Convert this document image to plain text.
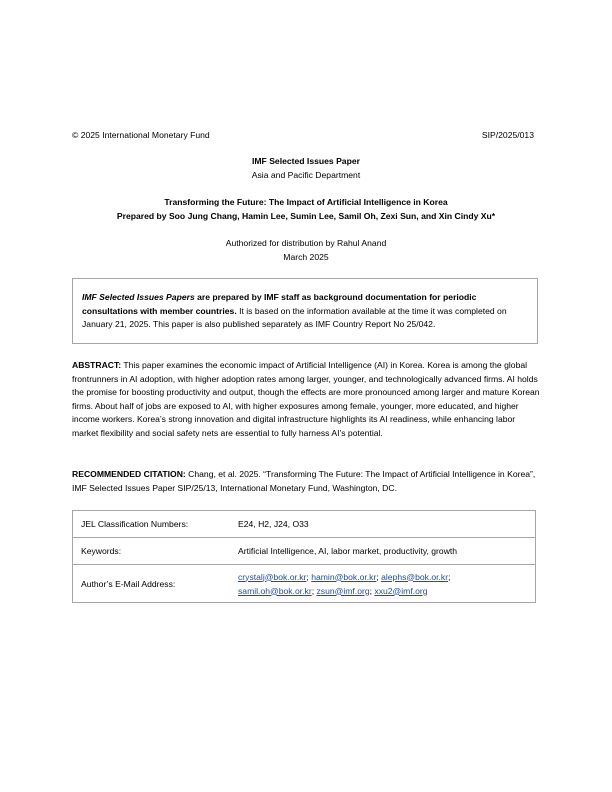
© 2025 International Monetary Fund	SIP/2025/013
IMF Selected Issues Paper
Asia and Pacific Department
Transforming the Future: The Impact of Artificial Intelligence in Korea
Prepared by Soo Jung Chang, Hamin Lee, Sumin Lee, Samil Oh, Zexi Sun, and Xin Cindy Xu*
Authorized for distribution by Rahul Anand
March 2025
IMF Selected Issues Papers are prepared by IMF staff as background documentation for periodic consultations with member countries. It is based on the information available at the time it was completed on January 21, 2025. This paper is also published separately as IMF Country Report No 25/042.
ABSTRACT: This paper examines the economic impact of Artificial Intelligence (AI) in Korea. Korea is among the global frontrunners in AI adoption, with higher adoption rates among larger, younger, and technologically advanced firms. AI holds the promise for boosting productivity and output, though the effects are more pronounced among larger and mature Korean firms. About half of jobs are exposed to AI, with higher exposures among female, younger, more educated, and higher income workers. Korea’s strong innovation and digital infrastructure highlights its AI readiness, while enhancing labor market flexibility and social safety nets are essential to fully harness AI’s potential.
RECOMMENDED CITATION: Chang, et al. 2025. “Transforming The Future: The Impact of Artificial Intelligence in Korea”, IMF Selected Issues Paper SIP/25/13, International Monetary Fund, Washington, DC.
JEL Classification Numbers:	E24, H2, J24, O33
Keywords:	Artificial Intelligence, AI, labor market, productivity, growth
Author’s E-Mail Address:	crystalj@bok.or.kr; hamin@bok.or.kr; alephs@bok.or.kr;
samil.oh@bok.or.kr; zsun@imf.org; xxu2@imf.org
